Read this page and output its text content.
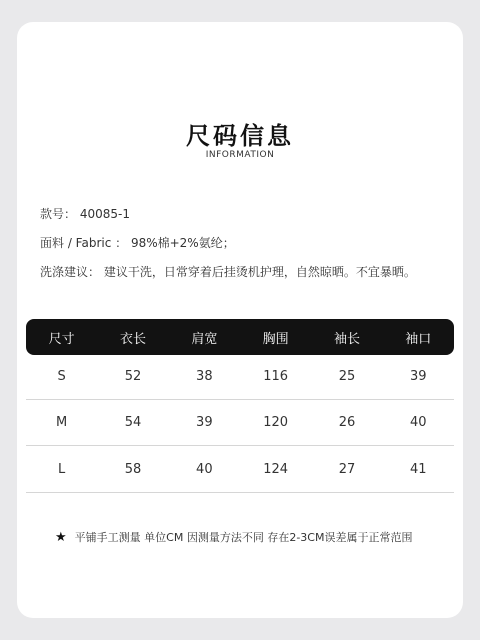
尺码信息
INFORMATION
款号： 40085-1
面料 / Fabric ： 98%棉+2%氨纶；
洗涤建议： 建议干洗，日常穿着后挂烫机护理，自然晾晒。不宜暴晒。
尺寸	衣长	肩宽	胸围	袖长	袖口
S	52	38	116	25	39
M	54	39	120	26	40
L	58	40	124	27	41
★ 平铺手工测量 单位CM 因测量方法不同 存在2-3CM误差属于正常范围
